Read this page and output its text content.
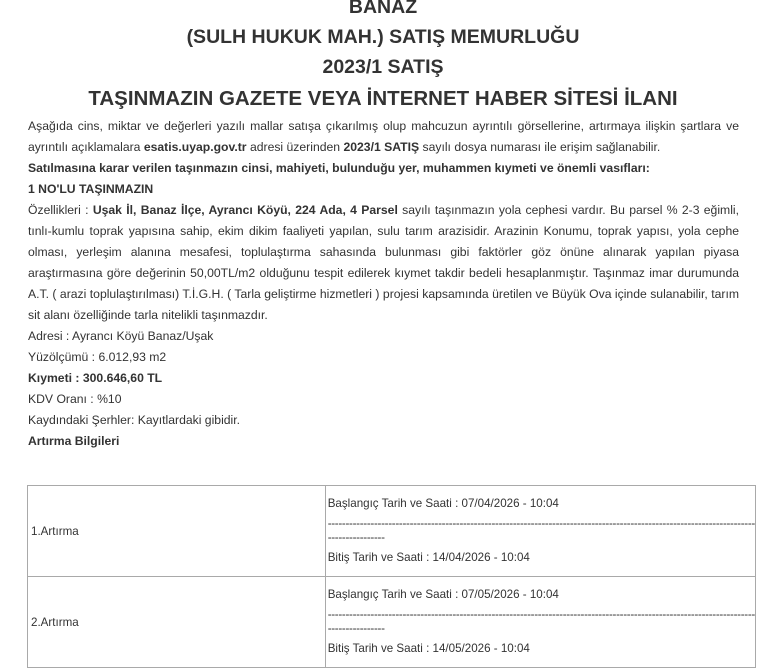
BANAZ

(SULH HUKUK MAH.) SATIŞ MEMURLUĞU

2023/1 SATIŞ

TAŞINMAZIN GAZETE VEYA İNTERNET HABER SİTESİ İLANI

Aşağıda cins, miktar ve değerleri yazılı mallar satışa çıkarılmış olup mahcuzun ayrıntılı görsellerine, artırmaya ilişkin şartlara ve ayrıntılı açıklamalara esatis.uyap.gov.tr adresi üzerinden 2023/1 SATIŞ sayılı dosya numarası ile erişim sağlanabilir.

Satılmasına karar verilen taşınmazın cinsi, mahiyeti, bulunduğu yer, muhammen kıymeti ve önemli vasıfları:

1 NO'LU TAŞINMAZIN

Özellikleri : Uşak İl, Banaz İlçe, Ayrancı Köyü, 224 Ada, 4 Parsel sayılı taşınmazın yola cephesi vardır. Bu parsel % 2-3 eğimli, tınlı-kumlu toprak yapısına sahip, ekim dikim faaliyeti yapılan, sulu tarım arazisidir. Arazinin Konumu, toprak yapısı, yola cephe olması, yerleşim alanına mesafesi, toplulaştırma sahasında bulunması gibi faktörler göz önüne alınarak yapılan piyasa araştırmasına göre değerinin 50,00TL/m2 olduğunu tespit edilerek kıymet takdir bedeli hesaplanmıştır. Taşınmaz imar durumunda A.T. ( arazi toplulaştırılması) T.İ.G.H. ( Tarla geliştirme hizmetleri ) projesi kapsamında üretilen ve Büyük Ova içinde sulanabilir, tarım sit alanı özelliğinde tarla nitelikli taşınmazdır.

Adresi : Ayrancı Köyü Banaz/Uşak

Yüzölçümü : 6.012,93 m2

Kıymeti : 300.646,60 TL

KDV Oranı : %10

Kaydındaki Şerhler: Kayıtlardaki gibidir.

Artırma Bilgileri

1.Artırma	Başlangıç Tarih ve Saati : 07/04/2026 - 10:04
------------------------------------------------------------------------------------------------------------------------
----------------
Bitiş Tarih ve Saati : 14/04/2026 - 10:04

2.Artırma	Başlangıç Tarih ve Saati : 07/05/2026 - 10:04
------------------------------------------------------------------------------------------------------------------------
----------------
Bitiş Tarih ve Saati : 14/05/2026 - 10:04
